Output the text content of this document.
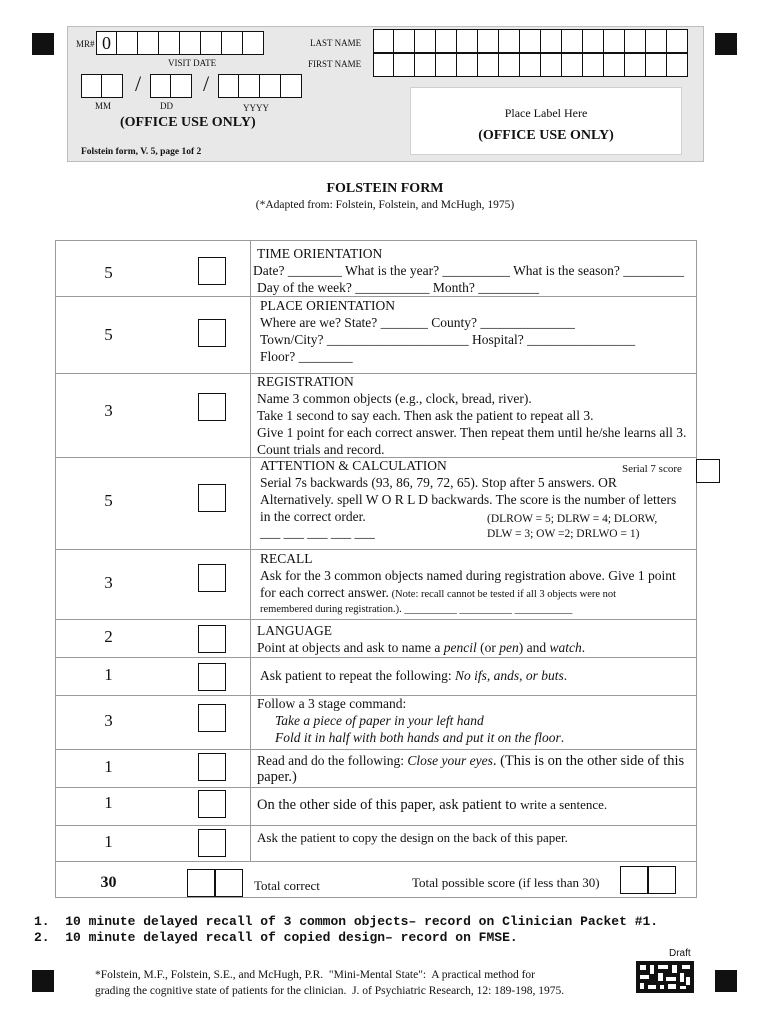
MR# 0
VISIT DATE
LAST NAME
FIRST NAME
/	/
MM	DD	YYYY
(OFFICE USE ONLY)
Folstein form, V. 5, page 1of 2
Place Label Here
(OFFICE USE ONLY)
FOLSTEIN FORM
(*Adapted from: Folstein, Folstein, and McHugh, 1975)
5
TIME ORIENTATION
Date? ________ What is the year? __________ What is the season? _________
Day of the week? ___________ Month? _________
5
PLACE ORIENTATION
Where are we? State? _______ County? ______________
Town/City? _____________________ Hospital? ________________
Floor? ________
3
REGISTRATION
Name 3 common objects (e.g., clock, bread, river).
Take 1 second to say each. Then ask the patient to repeat all 3.
Give 1 point for each correct answer. Then repeat them until he/she learns all 3.
Count trials and record.
5
ATTENTION & CALCULATION
Serial 7s backwards (93, 86, 79, 72, 65). Stop after 5 answers. OR
Alternatively. spell W O R L D backwards. The score is the number of letters
in the correct order.
___ ___ ___ ___ ___
Serial 7 score
(DLROW = 5; DLRW = 4; DLORW,
DLW = 3; OW =2; DRLWO = 1)
3
RECALL
Ask for the 3 common objects named during registration above. Give 1 point
for each correct answer. (Note: recall cannot be tested if all 3 objects were not
remembered during registration.). __________ __________ ___________
2	LANGUAGE
Point at objects and ask to name a pencil (or pen) and watch.
1	Ask patient to repeat the following: No ifs, ands, or buts.
3
Follow a 3 stage command:
Take a piece of paper in your left hand
Fold it in half with both hands and put it on the floor.
1	Read and do the following: Close your eyes. (This is on the other side of this
paper.)
1	On the other side of this paper, ask patient to write a sentence.
1	Ask the patient to copy the design on the back of this paper.
30	Total correct	Total possible score (if less than 30)
1.  10 minute delayed recall of 3 common objects– record on Clinician Packet #1.
2.  10 minute delayed recall of copied design– record on FMSE.
Draft
*Folstein, M.F., Folstein, S.E., and McHugh, P.R.  "Mini-Mental State":  A practical method for
grading the cognitive state of patients for the clinician.  J. of Psychiatric Research, 12: 189-198, 1975.
